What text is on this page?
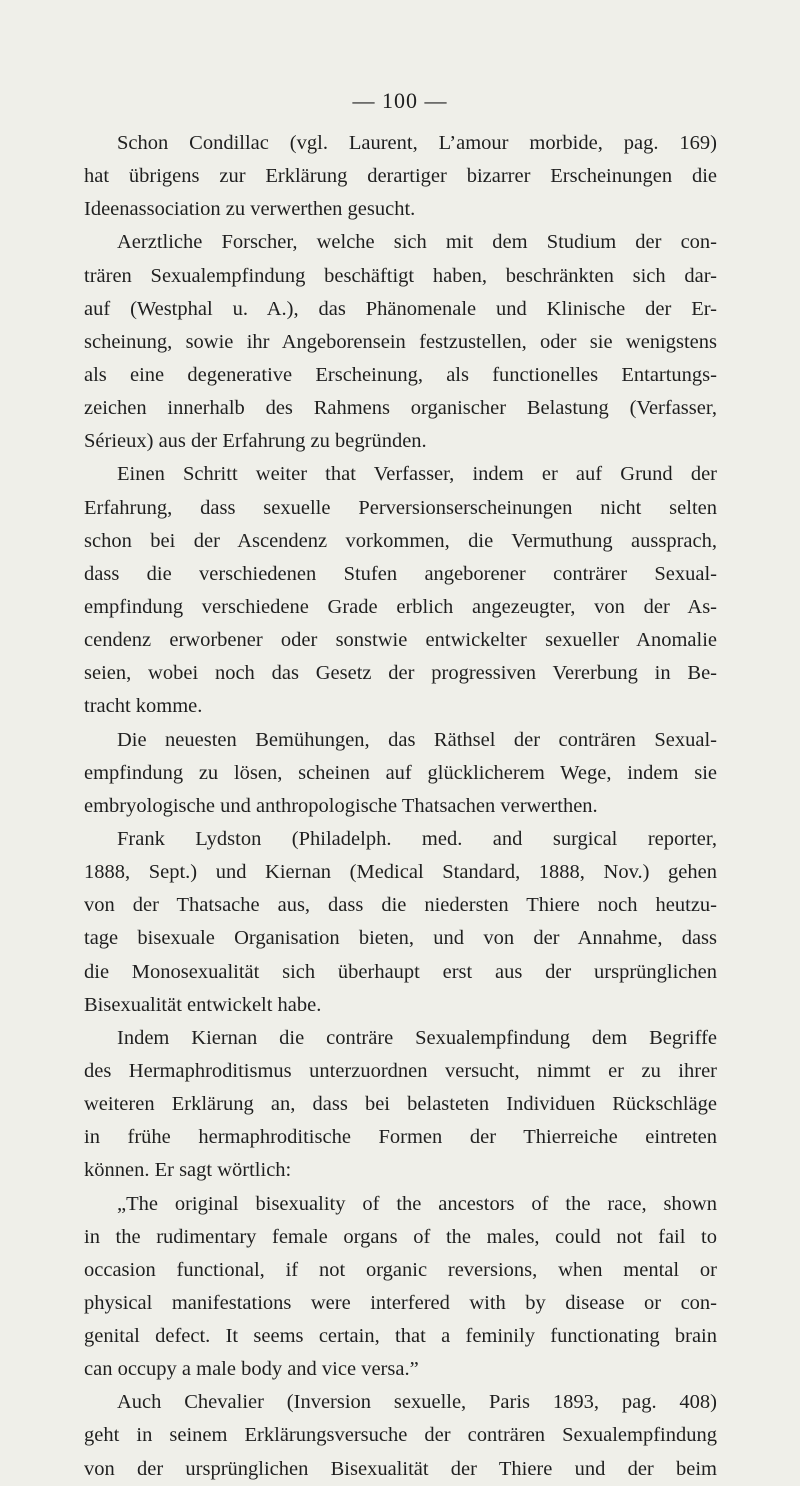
— 100 —
Schon Condillac (vgl. Laurent, L’amour morbide, pag. 169)
hat übrigens zur Erklärung derartiger bizarrer Erscheinungen die
Ideenassociation zu verwerthen gesucht.
Aerztliche Forscher, welche sich mit dem Studium der con-
trären Sexualempfindung beschäftigt haben, beschränkten sich dar-
auf (Westphal u. A.), das Phänomenale und Klinische der Er-
scheinung, sowie ihr Angeborensein festzustellen, oder sie wenigstens
als eine degenerative Erscheinung, als functionelles Entartungs-
zeichen innerhalb des Rahmens organischer Belastung (Verfasser,
Sérieux) aus der Erfahrung zu begründen.
Einen Schritt weiter that Verfasser, indem er auf Grund der
Erfahrung, dass sexuelle Perversionserscheinungen nicht selten
schon bei der Ascendenz vorkommen, die Vermuthung aussprach,
dass die verschiedenen Stufen angeborener conträrer Sexual-
empfindung verschiedene Grade erblich angezeugter, von der As-
cendenz erworbener oder sonstwie entwickelter sexueller Anomalie
seien, wobei noch das Gesetz der progressiven Vererbung in Be-
tracht komme.
Die neuesten Bemühungen, das Räthsel der conträren Sexual-
empfindung zu lösen, scheinen auf glücklicherem Wege, indem sie
embryologische und anthropologische Thatsachen verwerthen.
Frank Lydston (Philadelph. med. and surgical reporter,
1888, Sept.) und Kiernan (Medical Standard, 1888, Nov.) gehen
von der Thatsache aus, dass die niedersten Thiere noch heutzu-
tage bisexuale Organisation bieten, und von der Annahme, dass
die Monosexualität sich überhaupt erst aus der ursprünglichen
Bisexualität entwickelt habe.
Indem Kiernan die conträre Sexualempfindung dem Begriffe
des Hermaphroditismus unterzuordnen versucht, nimmt er zu ihrer
weiteren Erklärung an, dass bei belasteten Individuen Rückschläge
in frühe hermaphroditische Formen der Thierreiche eintreten
können. Er sagt wörtlich:
„The original bisexuality of the ancestors of the race, shown
in the rudimentary female organs of the males, could not fail to
occasion functional, if not organic reversions, when mental or
physical manifestations were interfered with by disease or con-
genital defect. It seems certain, that a feminily functionating brain
can occupy a male body and vice versa.”
Auch Chevalier (Inversion sexuelle, Paris 1893, pag. 408)
geht in seinem Erklärungsversuche der conträren Sexualempfindung
von der ursprünglichen Bisexualität der Thiere und der beim
